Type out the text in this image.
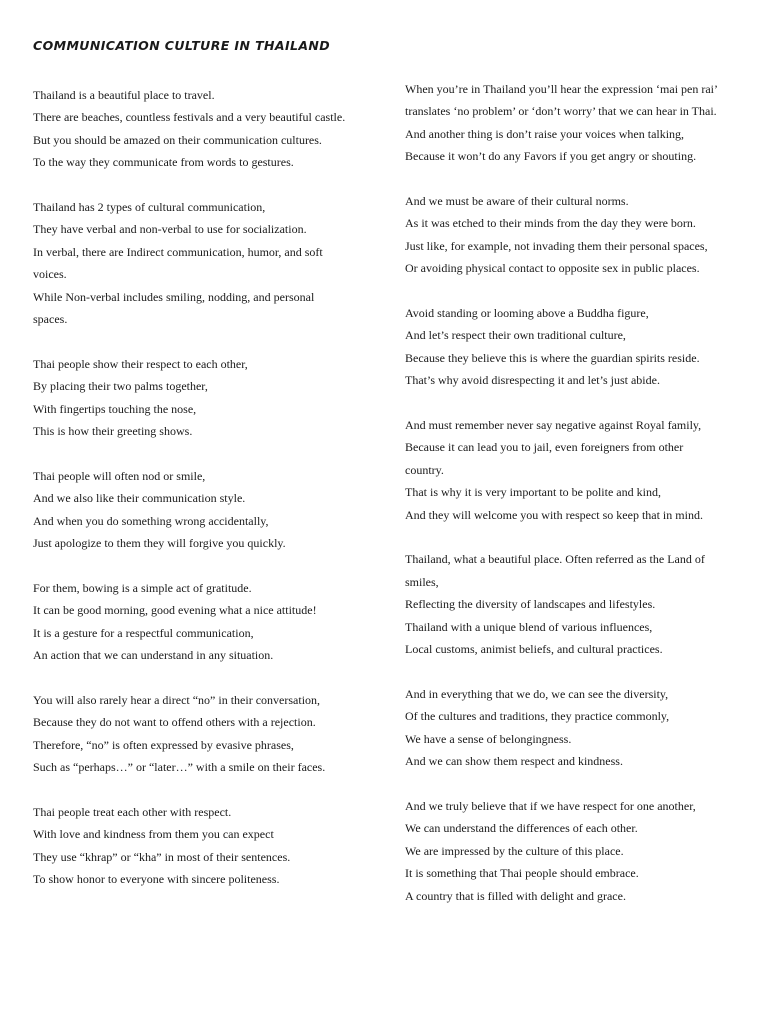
COMMUNICATION CULTURE IN THAILAND

Thailand is a beautiful place to travel.
There are beaches, countless festivals and a very beautiful castle.
But you should be amazed on their communication cultures.
To the way they communicate from words to gestures.

Thailand has 2 types of cultural communication,
They have verbal and non-verbal to use for socialization.
In verbal, there are Indirect communication, humor, and soft
voices.
While Non-verbal includes smiling, nodding, and personal
spaces.

Thai people show their respect to each other,
By placing their two palms together,
With fingertips touching the nose,
This is how their greeting shows.

Thai people will often nod or smile,
And we also like their communication style.
And when you do something wrong accidentally,
Just apologize to them they will forgive you quickly.

For them, bowing is a simple act of gratitude.
It can be good morning, good evening what a nice attitude!
It is a gesture for a respectful communication,
An action that we can understand in any situation.

You will also rarely hear a direct “no” in their conversation,
Because they do not want to offend others with a rejection.
Therefore, “no” is often expressed by evasive phrases,
Such as “perhaps…” or “later…” with a smile on their faces.

Thai people treat each other with respect.
With love and kindness from them you can expect
They use “khrap” or “kha” in most of their sentences.
To show honor to everyone with sincere politeness.

When you’re in Thailand you’ll hear the expression ‘mai pen rai’
translates ‘no problem’ or ‘don’t worry’ that we can hear in Thai.
And another thing is don’t raise your voices when talking,
Because it won’t do any Favors if you get angry or shouting.

And we must be aware of their cultural norms.
As it was etched to their minds from the day they were born.
Just like, for example, not invading them their personal spaces,
Or avoiding physical contact to opposite sex in public places.

Avoid standing or looming above a Buddha figure,
And let’s respect their own traditional culture,
Because they believe this is where the guardian spirits reside.
That’s why avoid disrespecting it and let’s just abide.

And must remember never say negative against Royal family,
Because it can lead you to jail, even foreigners from other
country.
That is why it is very important to be polite and kind,
And they will welcome you with respect so keep that in mind.

Thailand, what a beautiful place. Often referred as the Land of
smiles,
Reflecting the diversity of landscapes and lifestyles.
Thailand with a unique blend of various influences,
Local customs, animist beliefs, and cultural practices.

And in everything that we do, we can see the diversity,
Of the cultures and traditions, they practice commonly,
We have a sense of belongingness.
And we can show them respect and kindness.

And we truly believe that if we have respect for one another,
We can understand the differences of each other.
We are impressed by the culture of this place.
It is something that Thai people should embrace.
A country that is filled with delight and grace.
